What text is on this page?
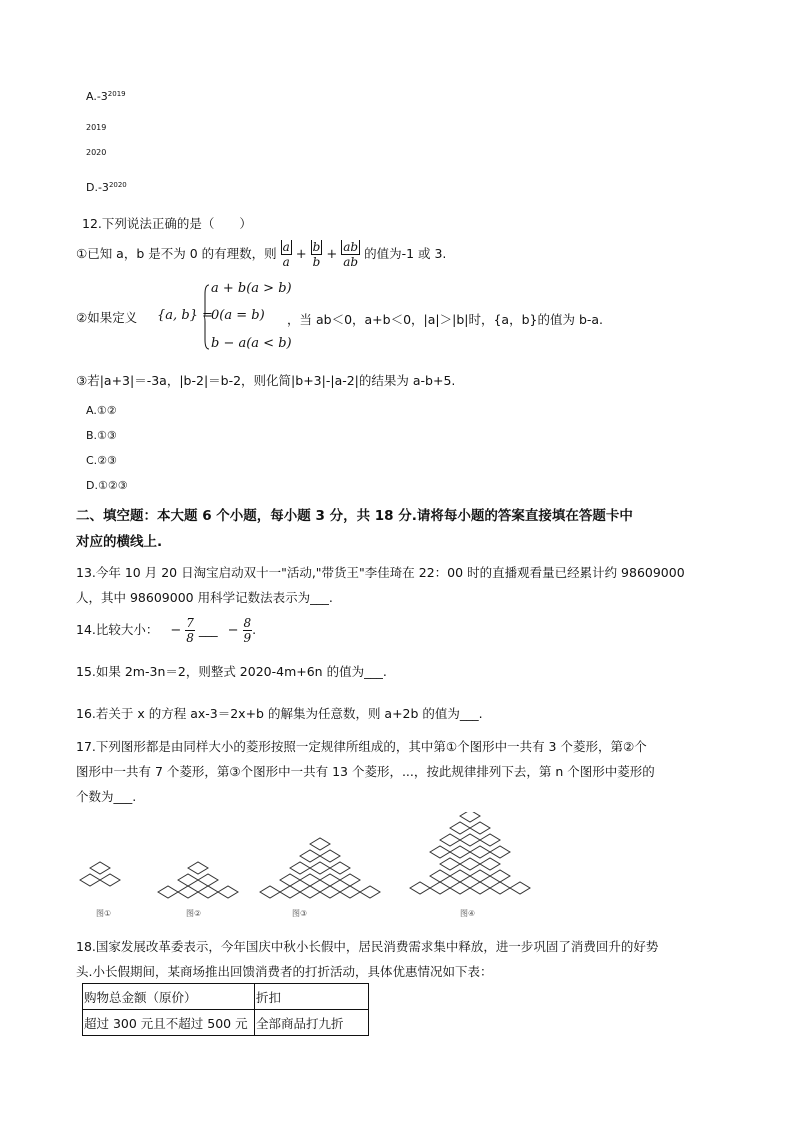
$A.-3^{2019}$
2019
2020
$D.-3^{2020}$
12.下列说法正确的是（　　）
①已知 a，b 是不为 0 的有理数，则 $\frac{a}{a} + \frac{b}{b} + \frac{ab}{ab}$ 的值为-1 或 3.
②如果定义 {a, b} =
a + b(a > b)
0(a = b)
b − a(a < b)
，当 ab＜0，a+b＜0，|a|＞|b|时，{a，b}的值为 b-a.
③若|a+3|＝-3a，|b-2|＝b-2，则化简|b+3|-|a-2|的结果为 a-b+5.
A.①②
B.①③
C.②③
D.①②③
二、填空题：本大题 6 个小题，每小题 3 分，共 18 分.请将每小题的答案直接填在答题卡中
对应的横线上.
13.今年 10 月 20 日淘宝启动双十一"活动,"带货王"李佳琦在 22：00 时的直播观看量已经累计约 98609000
人，其中 98609000 用科学记数法表示为___.
14.比较大小： − $\frac{7}{8}$ ___ − $\frac{8}{9}$ .
15.如果 2m-3n＝2，则整式 2020-4m+6n 的值为___.
16.若关于 x 的方程 ax-3＝2x+b 的解集为任意数，则 a+2b 的值为___.
17.下列图形都是由同样大小的菱形按照一定规律所组成的，其中第①个图形中一共有 3 个菱形，第②个
图形中一共有 7 个菱形，第③个图形中一共有 13 个菱形，...，按此规律排列下去，第 n 个图形中菱形的
个数为___.
图①	图②	图③	图④
18.国家发展改革委表示，今年国庆中秋小长假中，居民消费需求集中释放，进一步巩固了消费回升的好势
头.小长假期间，某商场推出回馈消费者的打折活动，具体优惠情况如下表：
购物总金额（原价）	折扣
超过 300 元且不超过 500 元	全部商品打九折
